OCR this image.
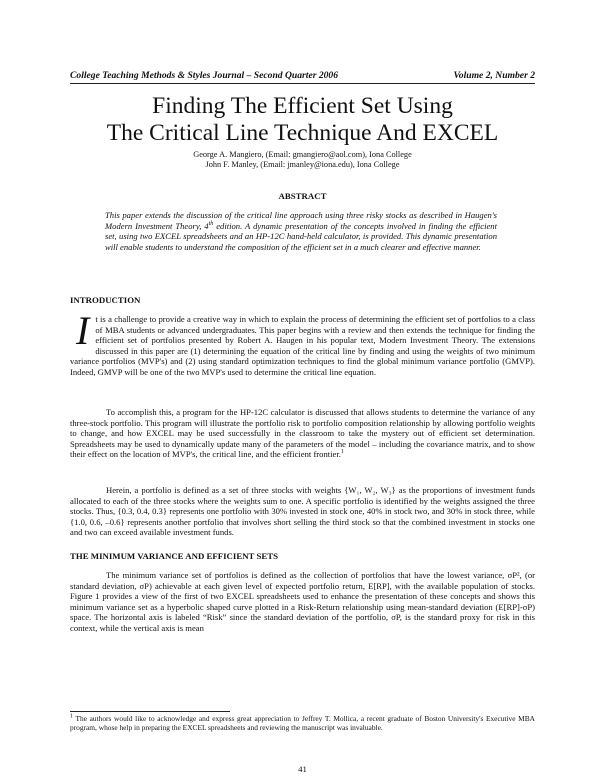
College Teaching Methods & Styles Journal – Second Quarter 2006	Volume 2, Number 2
Finding The Efficient Set Using
The Critical Line Technique And EXCEL
George A. Mangiero, (Email: gmangiero@aol.com), Iona College
John F. Manley, (Email: jmanley@iona.edu), Iona College
ABSTRACT
This paper extends the discussion of the critical line approach using three risky stocks as described in Haugen's Modern Investment Theory, 4th edition. A dynamic presentation of the concepts involved in finding the efficient set, using two EXCEL spreadsheets and an HP-12C hand-held calculator, is provided. This dynamic presentation will enable students to understand the composition of the efficient set in a much clearer and effective manner.
INTRODUCTION
It is a challenge to provide a creative way in which to explain the process of determining the efficient set of portfolios to a class of MBA students or advanced undergraduates. This paper begins with a review and then extends the technique for finding the efficient set of portfolios presented by Robert A. Haugen in his popular text, Modern Investment Theory. The extensions discussed in this paper are (1) determining the equation of the critical line by finding and using the weights of two minimum variance portfolios (MVP's) and (2) using standard optimization techniques to find the global minimum variance portfolio (GMVP). Indeed, GMVP will be one of the two MVP's used to determine the critical line equation.
To accomplish this, a program for the HP-12C calculator is discussed that allows students to determine the variance of any three-stock portfolio. This program will illustrate the portfolio risk to portfolio composition relationship by allowing portfolio weights to change, and how EXCEL may be used successfully in the classroom to take the mystery out of efficient set determination. Spreadsheets may be used to dynamically update many of the parameters of the model – including the covariance matrix, and to show their effect on the location of MVP's, the critical line, and the efficient frontier.$^1$
Herein, a portfolio is defined as a set of three stocks with weights {W₁, W₂, W₃} as the proportions of investment funds allocated to each of the three stocks where the weights sum to one. A specific portfolio is identified by the weights assigned the three stocks. Thus, {0.3, 0.4, 0.3} represents one portfolio with 30% invested in stock one, 40% in stock two, and 30% in stock three, while {1.0, 0.6, –0.6} represents another portfolio that involves short selling the third stock so that the combined investment in stocks one and two can exceed available investment funds.
THE MINIMUM VARIANCE AND EFFICIENT SETS
The minimum variance set of portfolios is defined as the collection of portfolios that have the lowest variance, σP², (or standard deviation, σP) achievable at each given level of expected portfolio return, E[RP], with the available population of stocks. Figure 1 provides a view of the first of two EXCEL spreadsheets used to enhance the presentation of these concepts and shows this minimum variance set as a hyperbolic shaped curve plotted in a Risk-Return relationship using mean-standard deviation (E[RP]-σP) space. The horizontal axis is labeled “Risk” since the standard deviation of the portfolio, σP, is the standard proxy for risk in this context, while the vertical axis is mean
$^1$ The authors would like to acknowledge and express great appreciation to Jeffrey T. Mollica, a recent graduate of Boston University's Executive MBA program, whose help in preparing the EXCEL spreadsheets and reviewing the manuscript was invaluable.
41
